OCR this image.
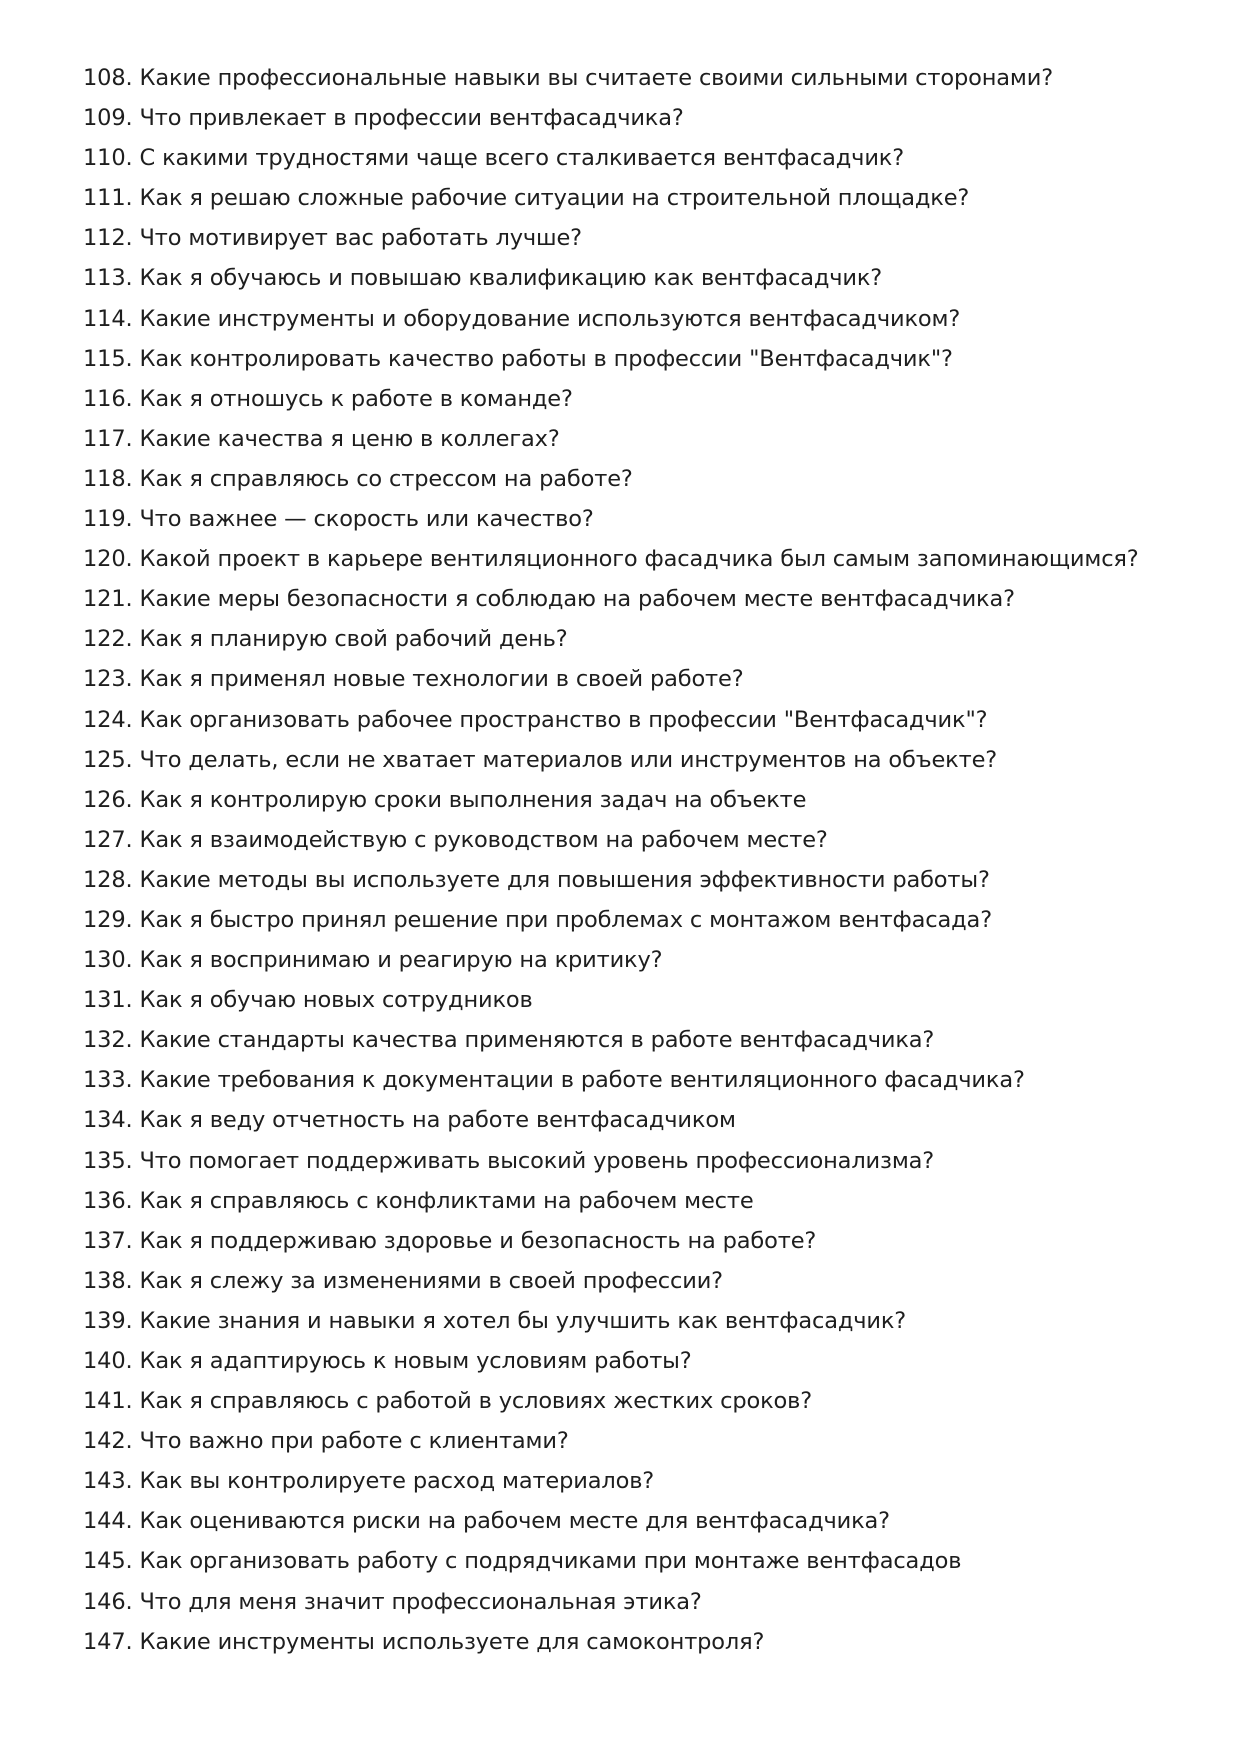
108. Какие профессиональные навыки вы считаете своими сильными сторонами?
109. Что привлекает в профессии вентфасадчика?
110. С какими трудностями чаще всего сталкивается вентфасадчик?
111. Как я решаю сложные рабочие ситуации на строительной площадке?
112. Что мотивирует вас работать лучше?
113. Как я обучаюсь и повышаю квалификацию как вентфасадчик?
114. Какие инструменты и оборудование используются вентфасадчиком?
115. Как контролировать качество работы в профессии "Вентфасадчик"?
116. Как я отношусь к работе в команде?
117. Какие качества я ценю в коллегах?
118. Как я справляюсь со стрессом на работе?
119. Что важнее — скорость или качество?
120. Какой проект в карьере вентиляционного фасадчика был самым запоминающимся?
121. Какие меры безопасности я соблюдаю на рабочем месте вентфасадчика?
122. Как я планирую свой рабочий день?
123. Как я применял новые технологии в своей работе?
124. Как организовать рабочее пространство в профессии "Вентфасадчик"?
125. Что делать, если не хватает материалов или инструментов на объекте?
126. Как я контролирую сроки выполнения задач на объекте
127. Как я взаимодействую с руководством на рабочем месте?
128. Какие методы вы используете для повышения эффективности работы?
129. Как я быстро принял решение при проблемах с монтажом вентфасада?
130. Как я воспринимаю и реагирую на критику?
131. Как я обучаю новых сотрудников
132. Какие стандарты качества применяются в работе вентфасадчика?
133. Какие требования к документации в работе вентиляционного фасадчика?
134. Как я веду отчетность на работе вентфасадчиком
135. Что помогает поддерживать высокий уровень профессионализма?
136. Как я справляюсь с конфликтами на рабочем месте
137. Как я поддерживаю здоровье и безопасность на работе?
138. Как я слежу за изменениями в своей профессии?
139. Какие знания и навыки я хотел бы улучшить как вентфасадчик?
140. Как я адаптируюсь к новым условиям работы?
141. Как я справляюсь с работой в условиях жестких сроков?
142. Что важно при работе с клиентами?
143. Как вы контролируете расход материалов?
144. Как оцениваются риски на рабочем месте для вентфасадчика?
145. Как организовать работу с подрядчиками при монтаже вентфасадов
146. Что для меня значит профессиональная этика?
147. Какие инструменты используете для самоконтроля?
